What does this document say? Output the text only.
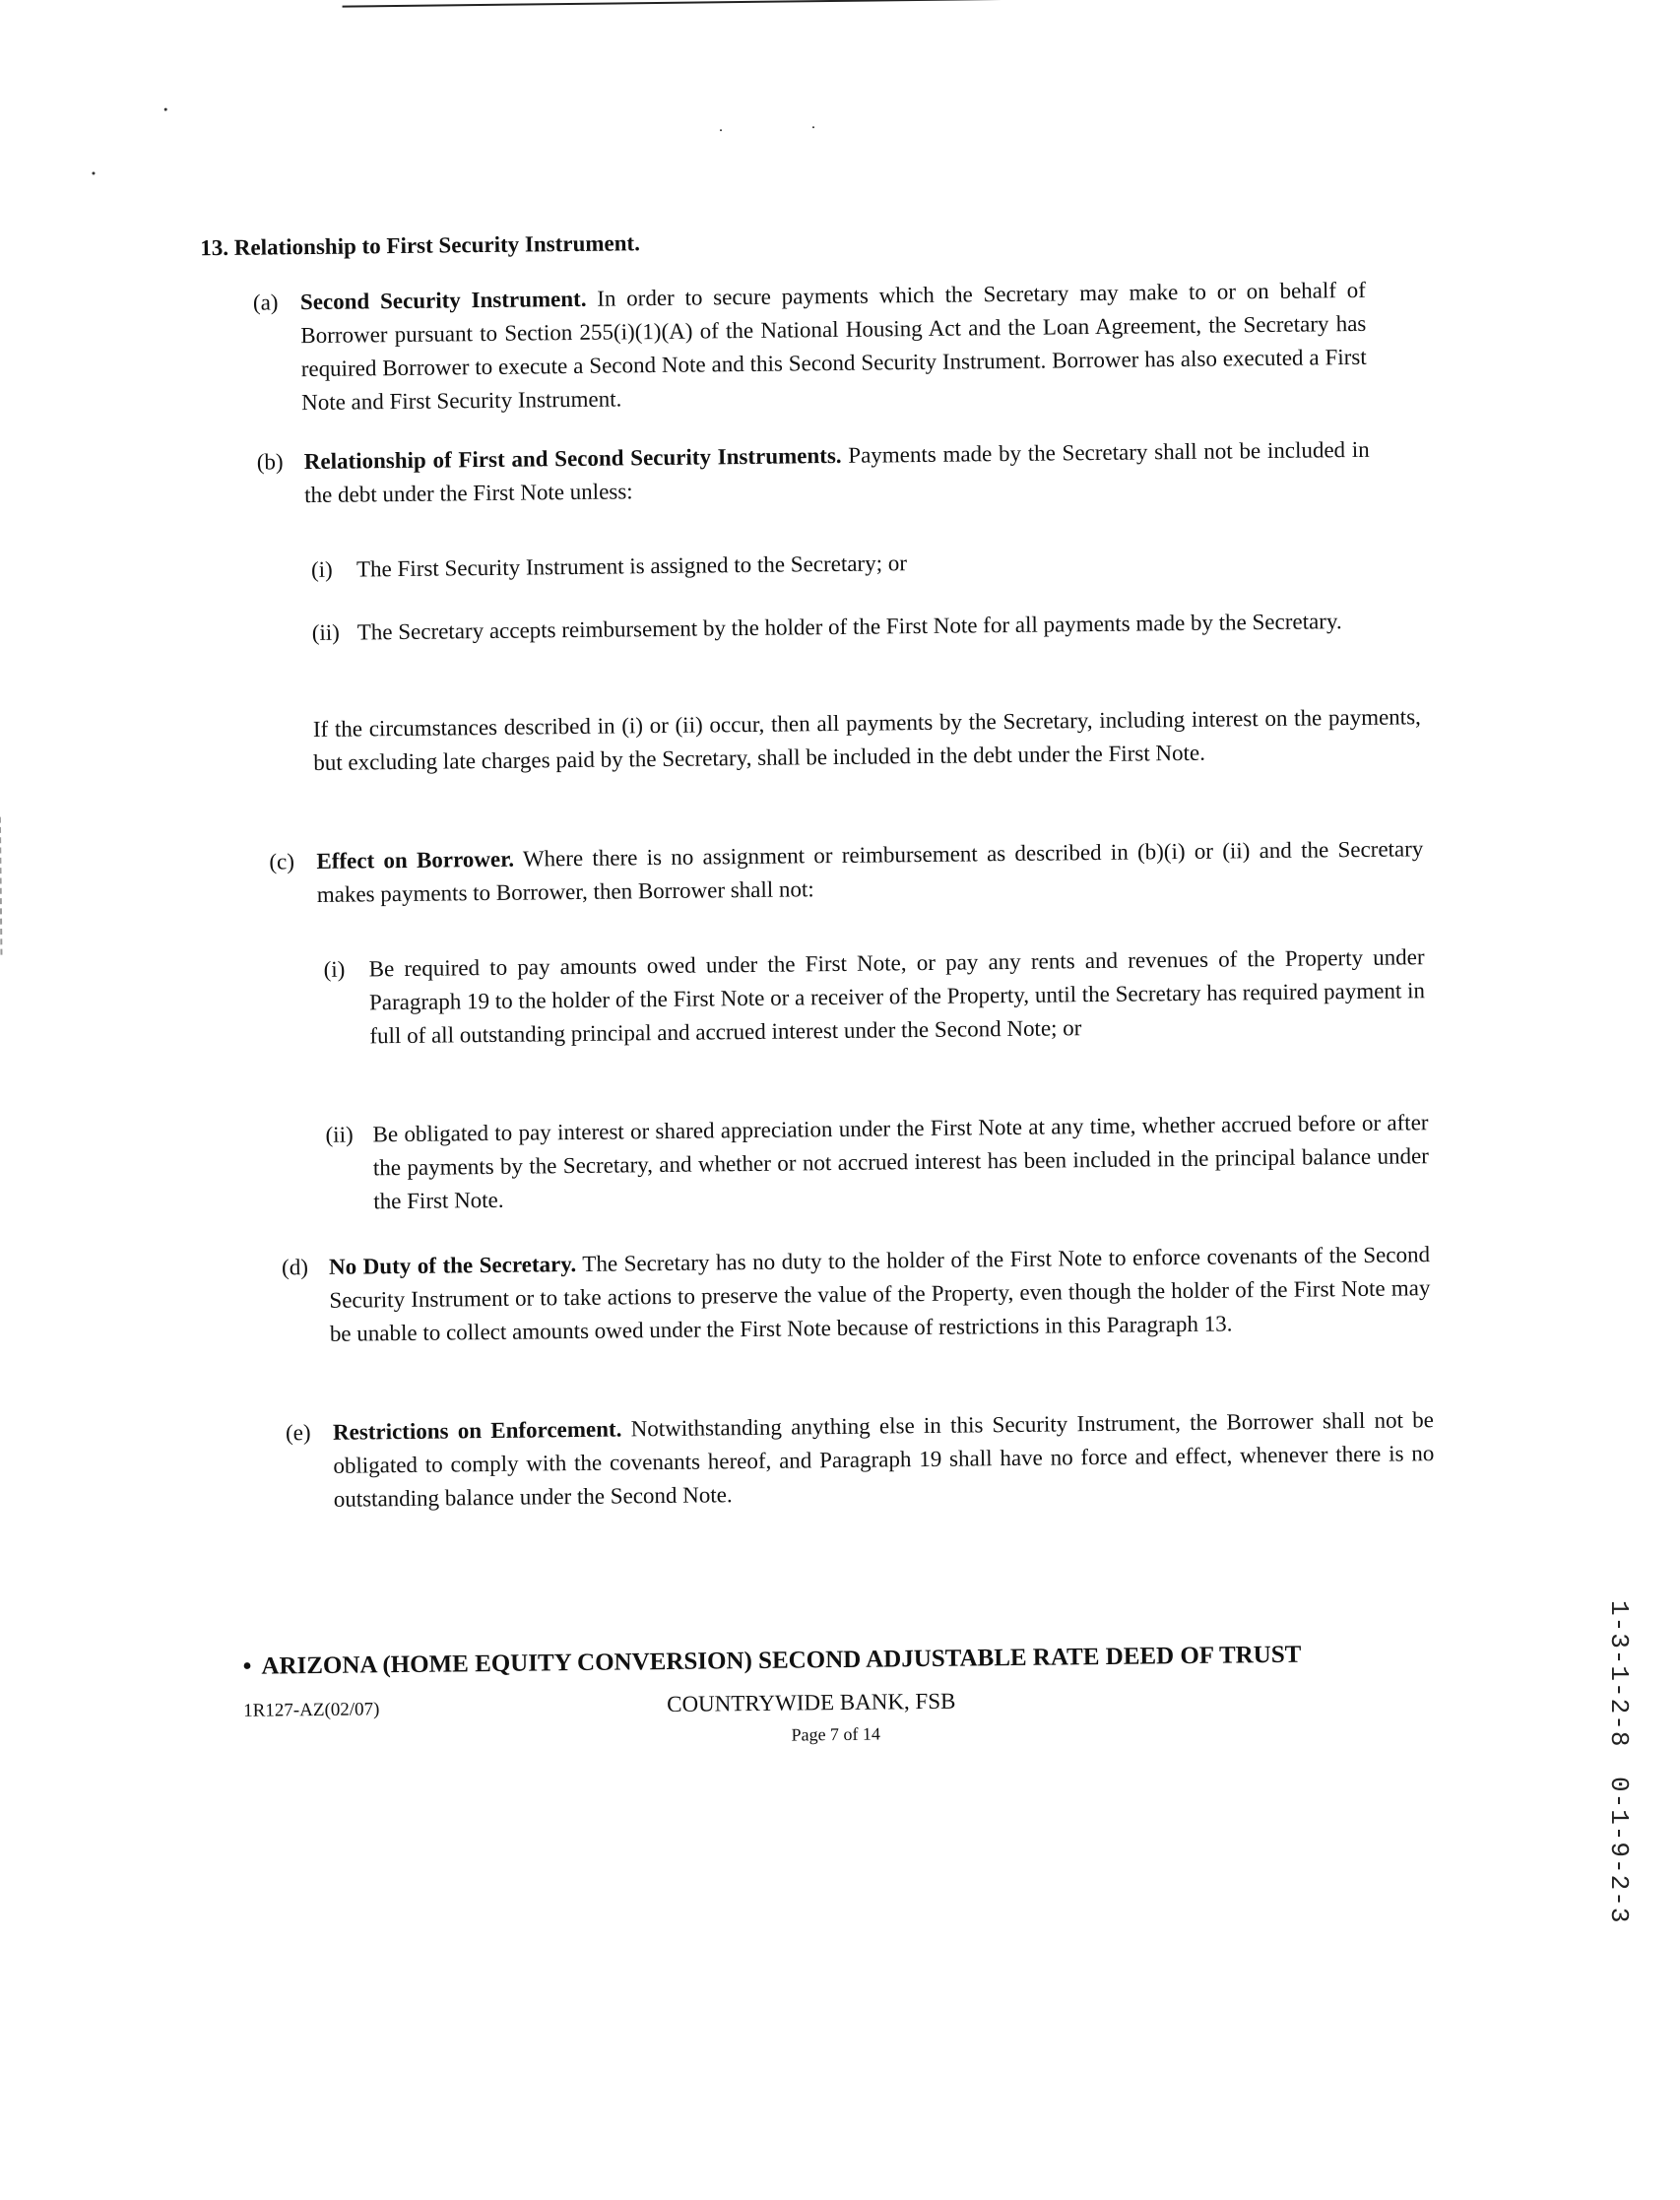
13. Relationship to First Security Instrument.
(a) Second Security Instrument. In order to secure payments which the Secretary may make to or on behalf of Borrower pursuant to Section 255(i)(1)(A) of the National Housing Act and the Loan Agreement, the Secretary has required Borrower to execute a Second Note and this Second Security Instrument. Borrower has also executed a First Note and First Security Instrument.
(b) Relationship of First and Second Security Instruments. Payments made by the Secretary shall not be included in the debt under the First Note unless:
(i) The First Security Instrument is assigned to the Secretary; or
(ii) The Secretary accepts reimbursement by the holder of the First Note for all payments made by the Secretary.
If the circumstances described in (i) or (ii) occur, then all payments by the Secretary, including interest on the payments, but excluding late charges paid by the Secretary, shall be included in the debt under the First Note.
(c) Effect on Borrower. Where there is no assignment or reimbursement as described in (b)(i) or (ii) and the Secretary makes payments to Borrower, then Borrower shall not:
(i) Be required to pay amounts owed under the First Note, or pay any rents and revenues of the Property under Paragraph 19 to the holder of the First Note or a receiver of the Property, until the Secretary has required payment in full of all outstanding principal and accrued interest under the Second Note; or
(ii) Be obligated to pay interest or shared appreciation under the First Note at any time, whether accrued before or after the payments by the Secretary, and whether or not accrued interest has been included in the principal balance under the First Note.
(d) No Duty of the Secretary. The Secretary has no duty to the holder of the First Note to enforce covenants of the Second Security Instrument or to take actions to preserve the value of the Property, even though the holder of the First Note may be unable to collect amounts owed under the First Note because of restrictions in this Paragraph 13.
(e) Restrictions on Enforcement. Notwithstanding anything else in this Security Instrument, the Borrower shall not be obligated to comply with the covenants hereof, and Paragraph 19 shall have no force and effect, whenever there is no outstanding balance under the Second Note.
• ARIZONA (HOME EQUITY CONVERSION) SECOND ADJUSTABLE RATE DEED OF TRUST
1R127-AZ(02/07)	COUNTRYWIDE BANK, FSB
Page 7 of 14	1-3-1-2-8
0-1-9-2-3
